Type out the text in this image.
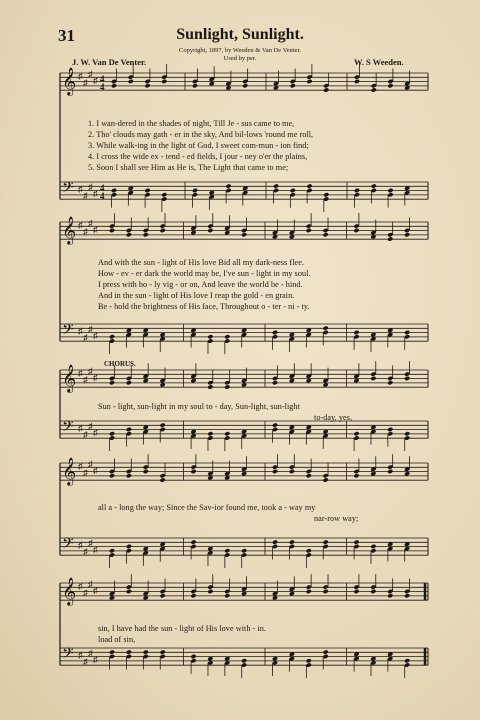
𝄞
𝄢
♯
♯
♯
♯
♯
♯
♯
♯
𝄞
𝄢
♯
♯
♯
♯
♯
♯
♯
♯
𝄞
𝄢
♯
♯
♯
♯
♯
♯
♯
♯
𝄞
𝄢
♯
♯
♯
♯
♯
♯
♯
♯
𝄞
𝄢
♯
♯
♯
♯
♯
♯
♯
♯
4
4
4
4
31	Sunlight, Sunlight.
Copyright, 1897, by Weeden & Van De Venter.
Used by per.
J. W. Van De Venter.	W. S Weeden.
1. I wan-dered in the shades of night, Till Je - sus came to me,
2. Tho' clouds may gath - er in the sky, And bil-lows 'round me roll,
3. While walk-ing in the light of God, I sweet com-mun - ion find;
4. I cross the wide ex - tend - ed fields, I jour - ney o'er the plains,
5. Soon I shall see Him as He is, The Light that came to me;
And with the sun - light of His love Bid all my dark-ness flee.
How - ev - er dark the world may be, I've sun - light in my soul.
I press with ho - ly vig - or on, And leave the world be - hind.
And in the sun - light of His love I reap the gold - en grain.
Be - hold the brightness of His face, Throughout o - ter - ni - ty.
CHORUS.
Sun - light, sun-light in my soul to - day, Sun-light, sun-light
to-day, yes,
all a - long the way; Since the Sav-ior found me, took a - way my
nar-row way;
sin, I have had the sun - light of His love with - in.
load of sin,
